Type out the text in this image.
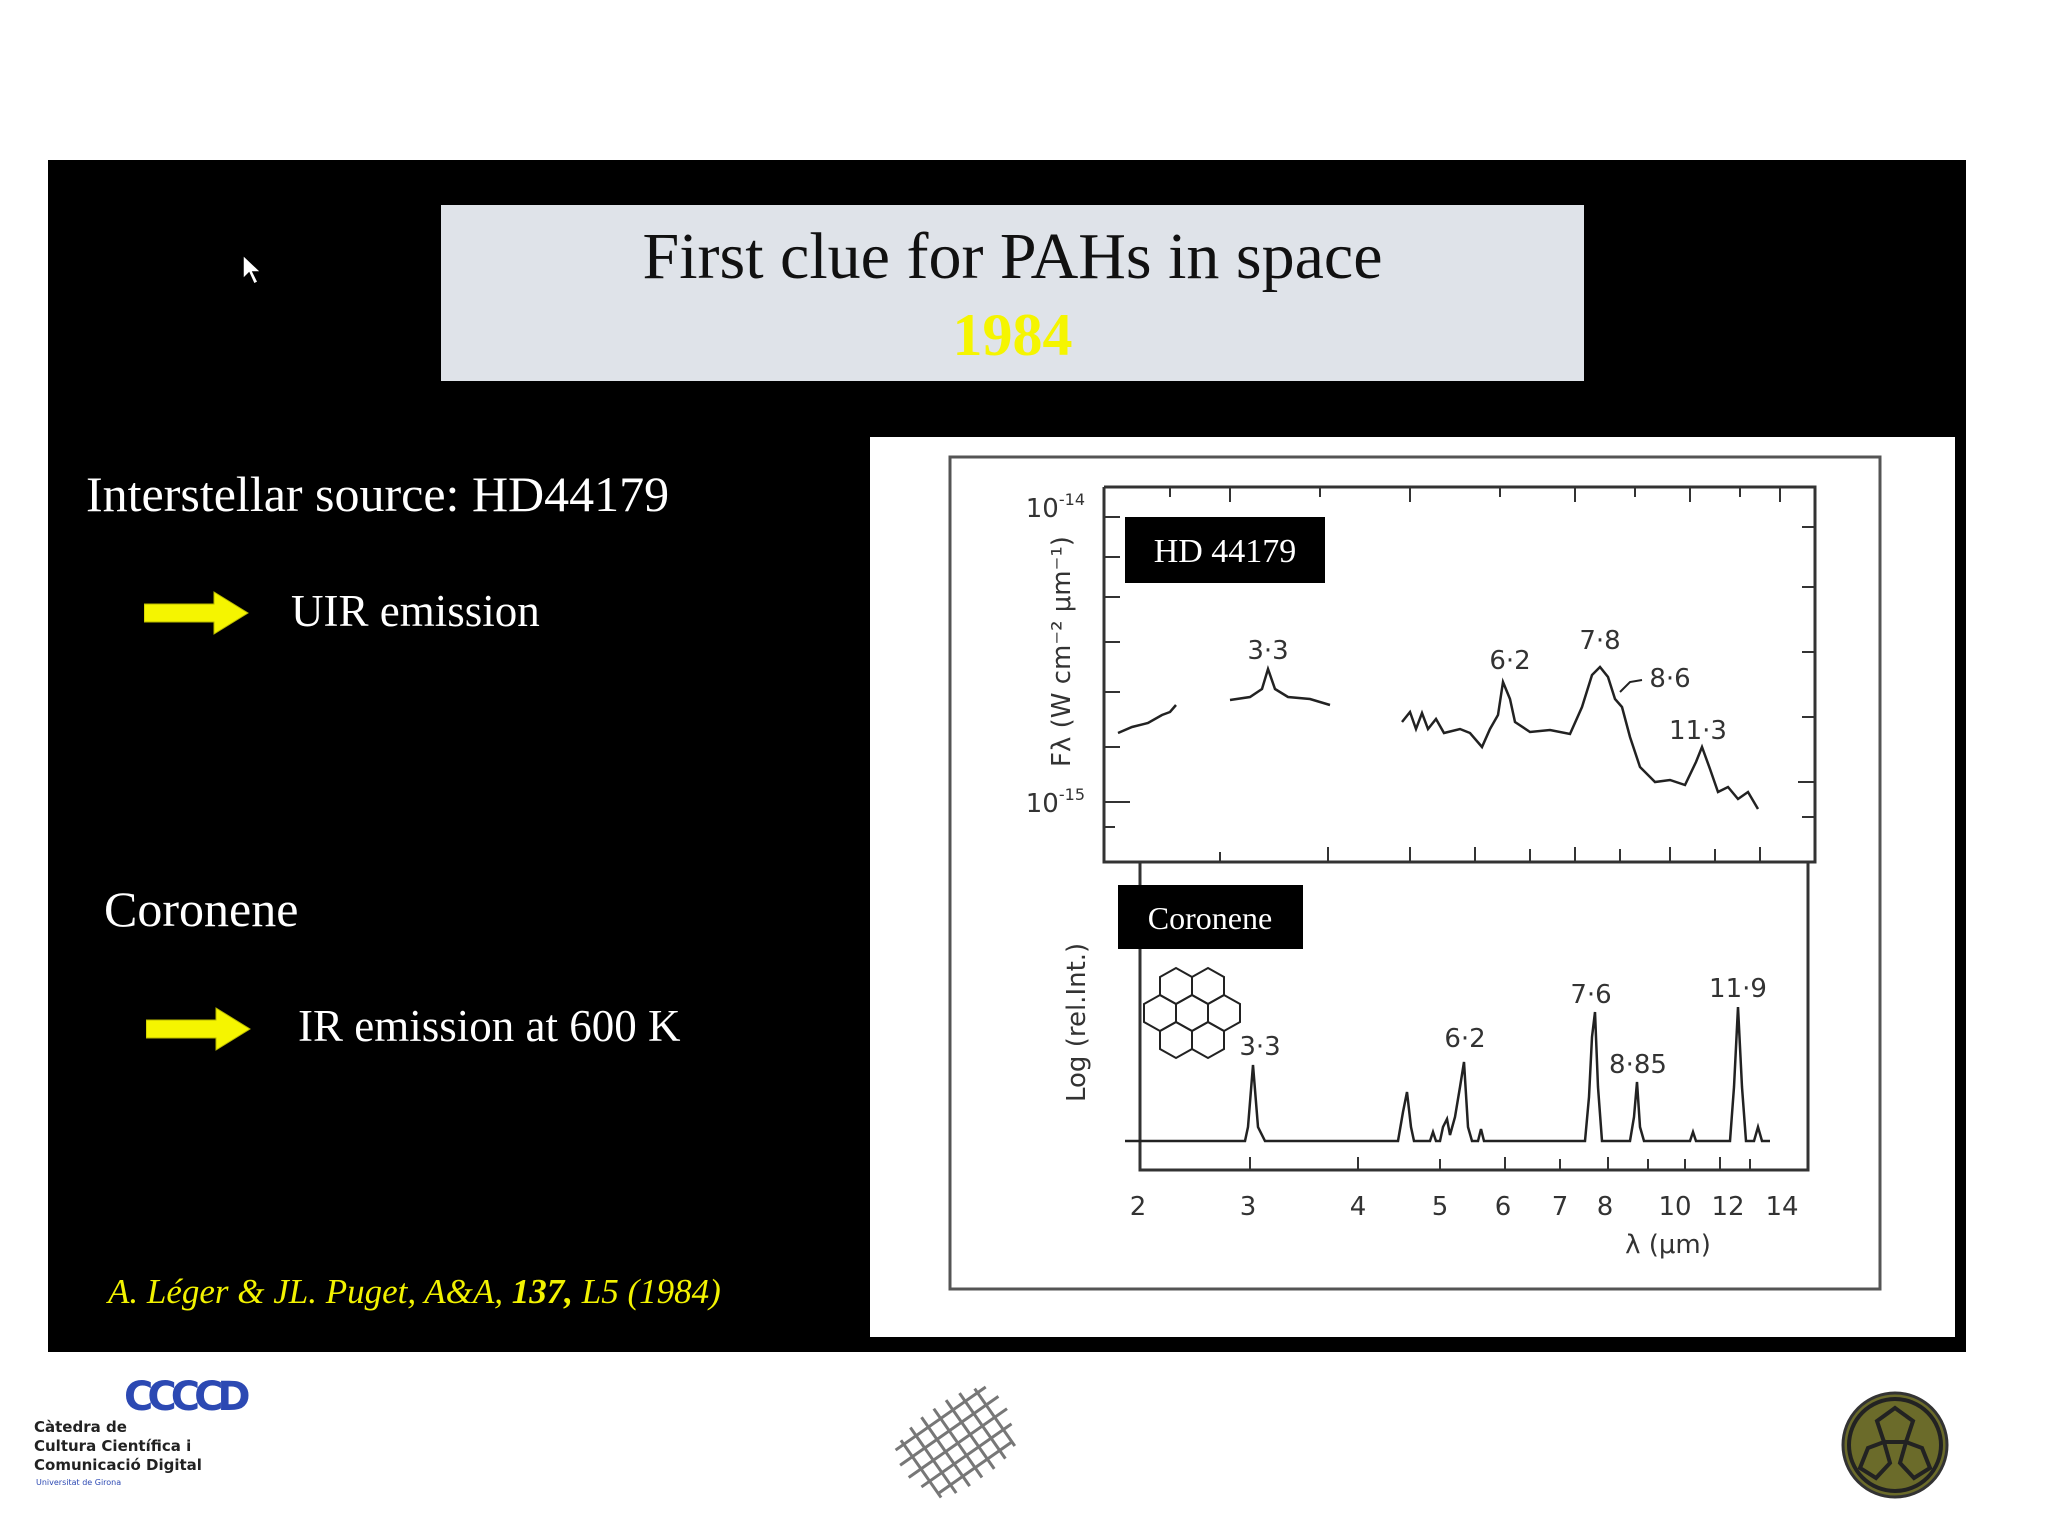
First clue for PAHs in space
1984
Interstellar source: HD44179
UIR emission
Coronene
IR emission at 600 K
A. Léger & JL. Puget, A&A, 137, L5 (1984)
Fλ (W cm⁻² μm⁻¹)
$10^{-14}$
$10^{-15}$
HD 44179
3·3	6·2
7·8
8·6
11·3
Log (rel.Int.)
Coronene
3·3	6·2
7·6
8·85
11·9
2	3	4	5 6 7 8 10 12 14
λ (μm)
CCCCD
Càtedra de
Cultura Científica i
Comunicació Digital
Universitat de Girona
